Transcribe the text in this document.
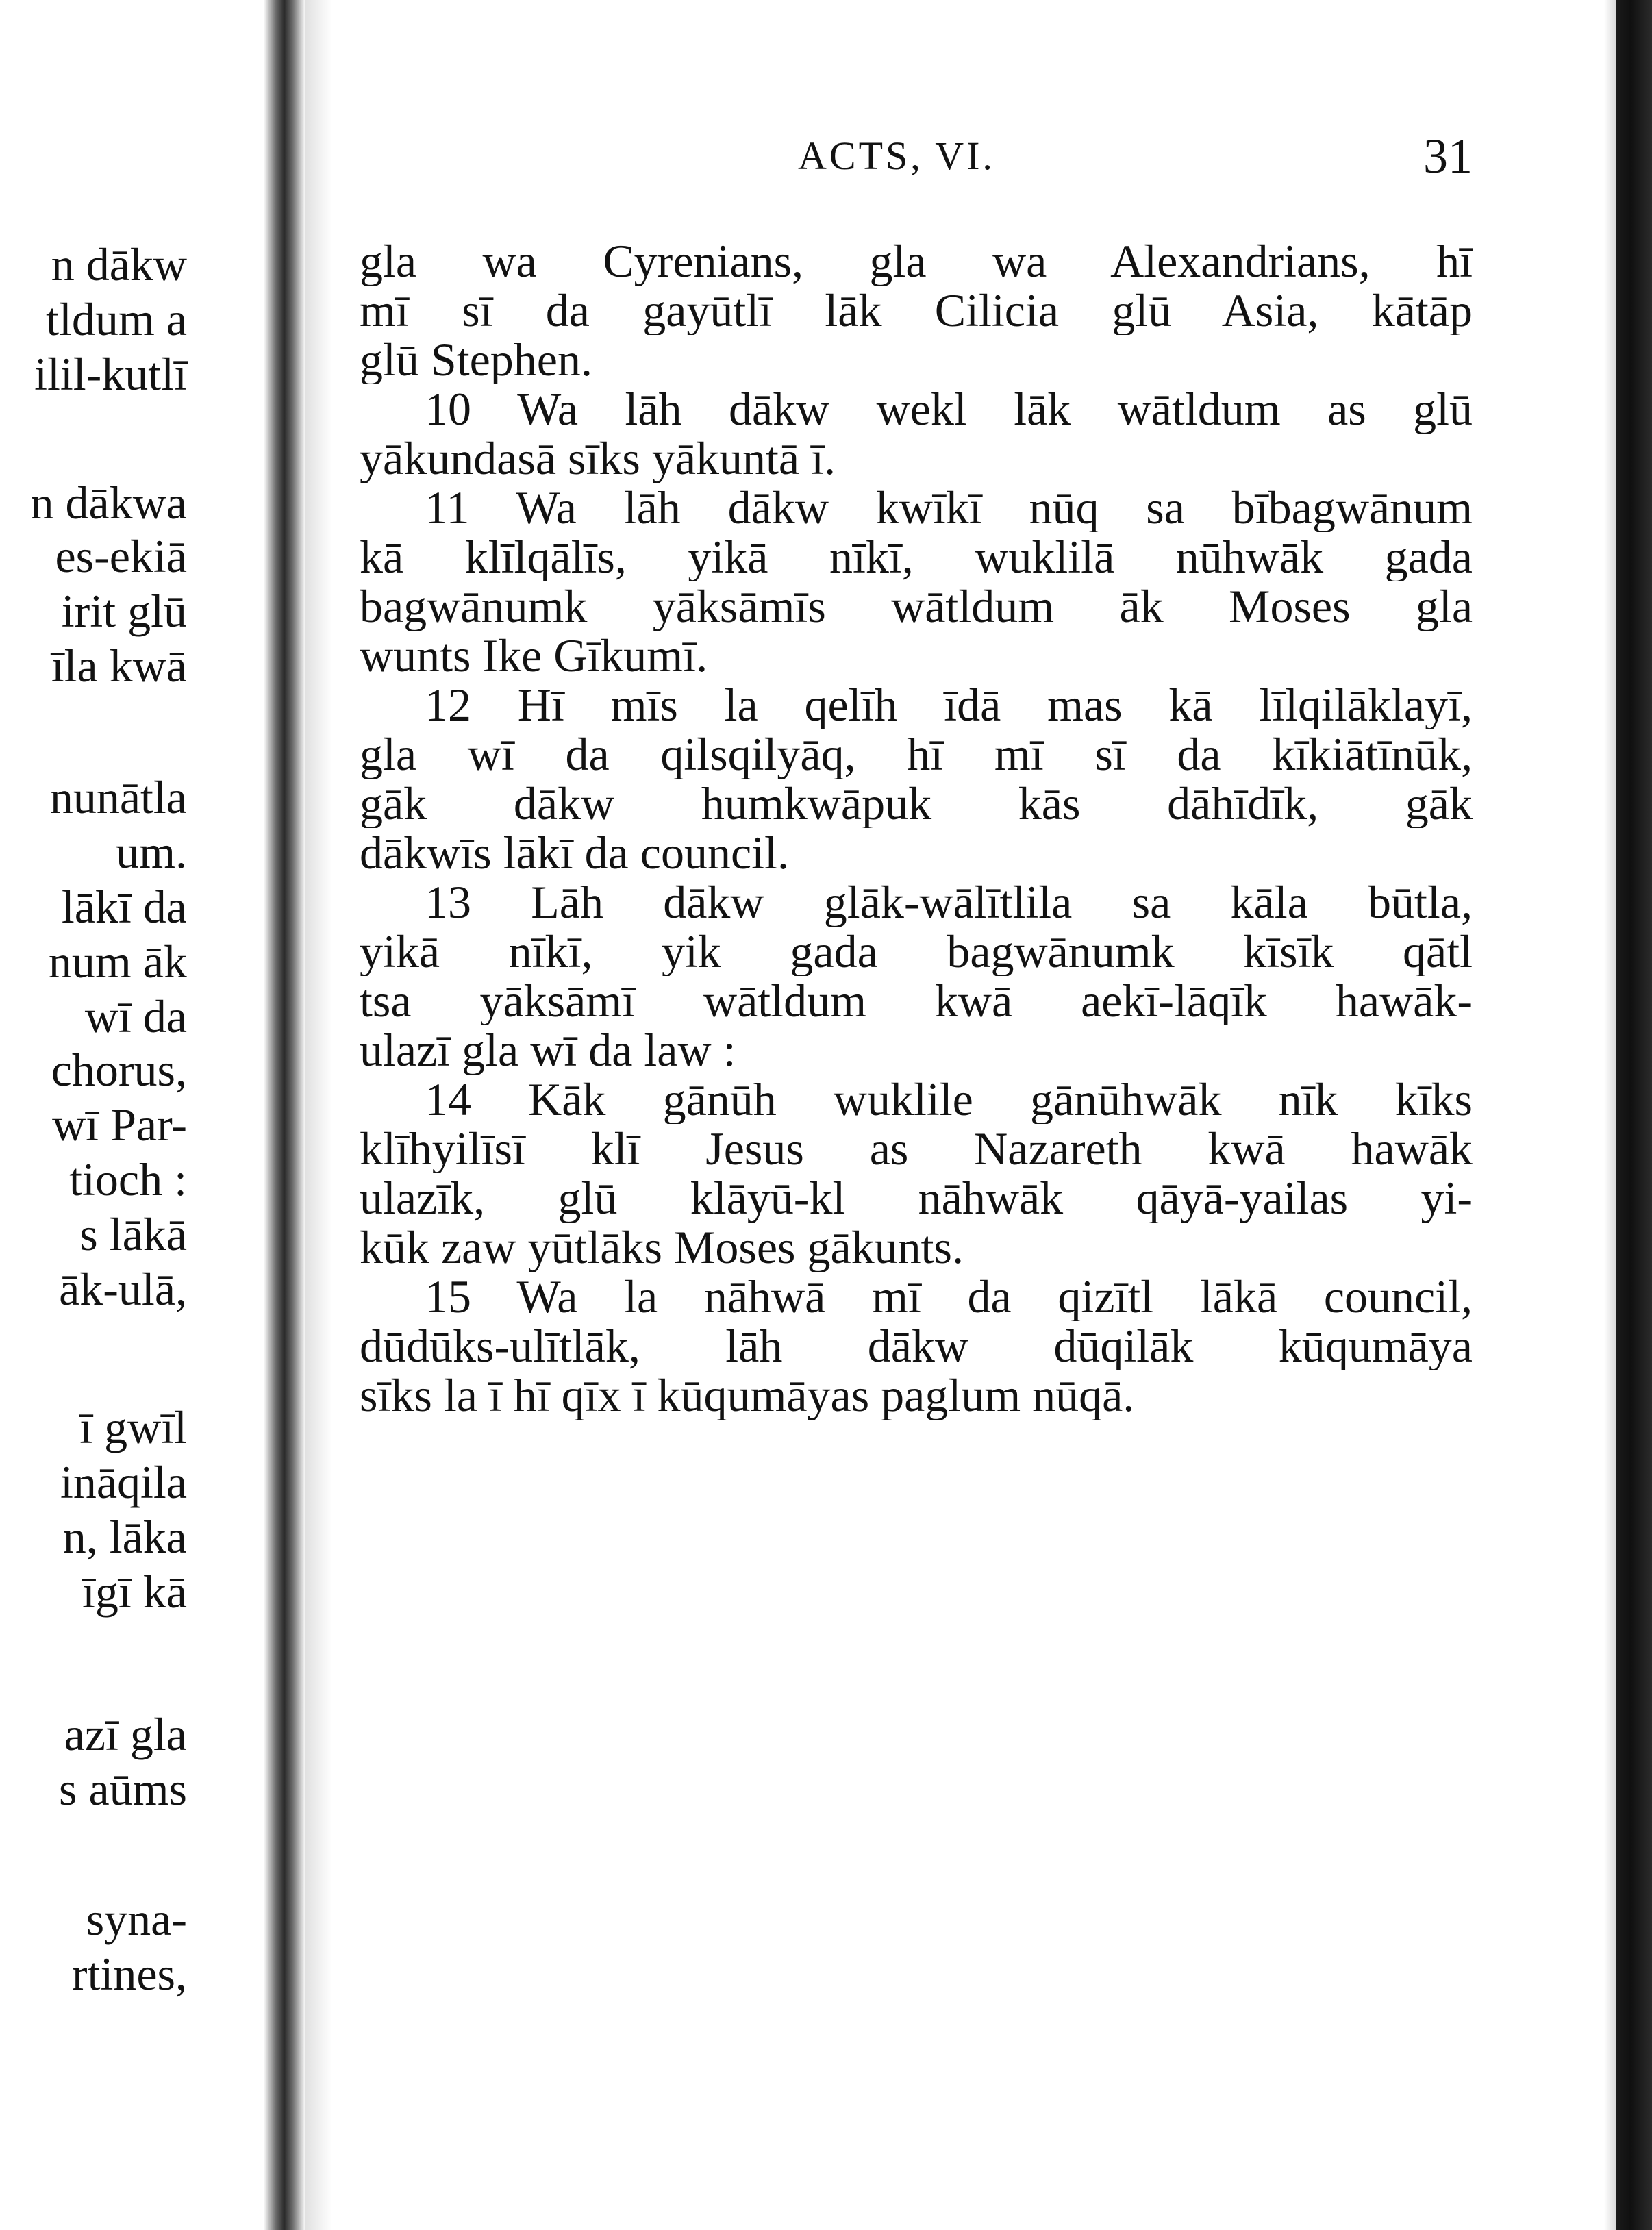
n dākw
tldum a
ilil-kutlī
n dākwa
es-ekiā
irit glū
īla kwā
nunātla
um.
lākī da
num āk
wī da
chorus,
wī Par-
tioch :
s lākā
āk-ulā,
ī gwīl
ināqila
n, lāka
īgī kā
azī gla
s aūms
synа-
rtines,
ACTS, VI.	31
gla wa Cyrenians, gla wa Alexandrians, hī
mī sī da gayūtlī lāk Cilicia glū Asia, kātāp
glū Stephen.
10 Wa lāh dākw wekl lāk wātldum as glū
yākundasā sīks yākuntā ī.
11 Wa lāh dākw kwīkī nūq sa bībagwānum
kā klīlqālīs, yikā nīkī, wuklilā nūhwāk gada
bagwānumk yāksāmīs wātldum āk Moses gla
wunts Ike Gīkumī.
12 Hī mīs la qelīh īdā mas kā līlqilāklayī,
gla wī da qilsqilyāq, hī mī sī da kīkiātīnūk,
gāk dākw humkwāpuk kās dāhīdīk, gāk
dākwīs lākī da council.
13 Lāh dākw glāk-wālītlila sa kāla būtla,
yikā nīkī, yik gada bagwānumk kīsīk qātl
tsa yāksāmī wātldum kwā aekī-lāqīk hawāk-
ulazī gla wī da law :
14 Kāk gānūh wuklile gānūhwāk nīk kīks
klīhyilīsī klī Jesus as Nazareth kwā hawāk
ulazīk, glū klāyū-kl nāhwāk qāyā-yailas yi-
kūk zaw yūtlāks Moses gākunts.
15 Wa la nāhwā mī da qizītl lākā council,
dūdūks-ulītlāk, lāh dākw dūqilāk kūqumāya
sīks la ī hī qīx ī kūqumāyas paglum nūqā.
